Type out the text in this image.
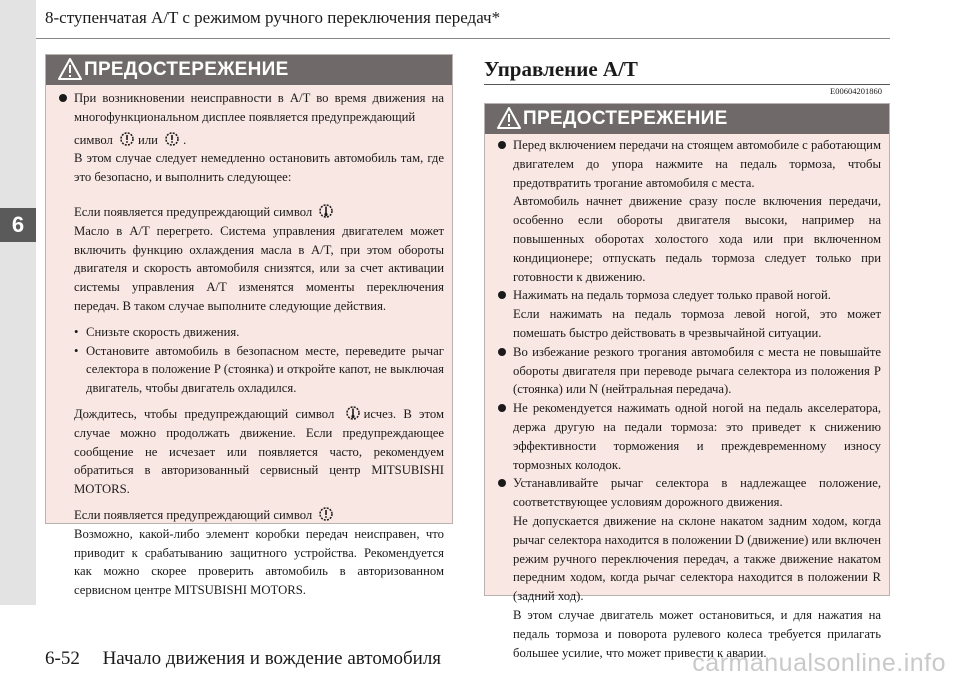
6
8-ступенчатая A/T с режимом ручного переключения передач*
ПРЕДОСТЕРЕЖЕНИЕ

При возникновении неисправности в A/T во время движения на многофункциональном дисплее появляется предупреждающий
символ или .

В этом случае следует немедленно остановить автомобиль там, где это безопасно, и выполнить следующее:

Если появляется предупреждающий символ

Масло в A/T перегрето. Система управления двигателем может включить функцию охлаждения масла в A/T, при этом обороты двигателя и скорость автомобиля снизятся, или за счет активации системы управления A/T изменятся моменты переключения передач. В таком случае выполните следующие действия.

• Снизьте скорость движения.

• Остановите автомобиль в безопасном месте, переведите рычаг селектора в положение P (стоянка) и откройте капот, не выключая двигатель, чтобы двигатель охладился.

Дождитесь, чтобы предупреждающий символ исчез. В этом случае можно продолжать движение. Если предупреждающее сообщение не исчезает или появляется часто, рекомендуем обратиться в авторизованный сервисный центр MITSUBISHI MOTORS.

Если появляется предупреждающий символ

Возможно, какой-либо элемент коробки передач неисправен, что приводит к срабатыванию защитного устройства. Рекомендуется как можно скорее проверить автомобиль в авторизованном сервисном центре MITSUBISHI MOTORS.

Управление A/T
E00604201860
ПРЕДОСТЕРЕЖЕНИЕ

Перед включением передачи на стоящем автомобиле с работающим двигателем до упора нажмите на педаль тормоза, чтобы предотвратить трогание автомобиля с места.

Автомобиль начнет движение сразу после включения передачи, особенно если обороты двигателя высоки, например на повышенных оборотах холостого хода или при включенном кондиционере; отпускать педаль тормоза следует только при готовности к движению.

Нажимать на педаль тормоза следует только правой ногой.

Если нажимать на педаль тормоза левой ногой, это может помешать быстро действовать в чрезвычайной ситуации.

Во избежание резкого трогания автомобиля с места не повышайте обороты двигателя при переводе рычага селектора из положения P (стоянка) или N (нейтральная передача).

Не рекомендуется нажимать одной ногой на педаль акселератора, держа другую на педали тормоза: это приведет к снижению эффективности торможения и преждевременному износу тормозных колодок.

Устанавливайте рычаг селектора в надлежащее положение, соответствующее условиям дорожного движения.

Не допускается движение на склоне накатом задним ходом, когда рычаг селектора находится в положении D (движение) или включен режим ручного переключения передач, а также движение накатом передним ходом, когда рычаг селектора находится в положении R (задний ход).

В этом случае двигатель может остановиться, и для нажатия на педаль тормоза и поворота рулевого колеса требуется прилагать большее усилие, что может привести к аварии.

6-52 Начало движения и вождение автомобиля	carmanualsonline.info
